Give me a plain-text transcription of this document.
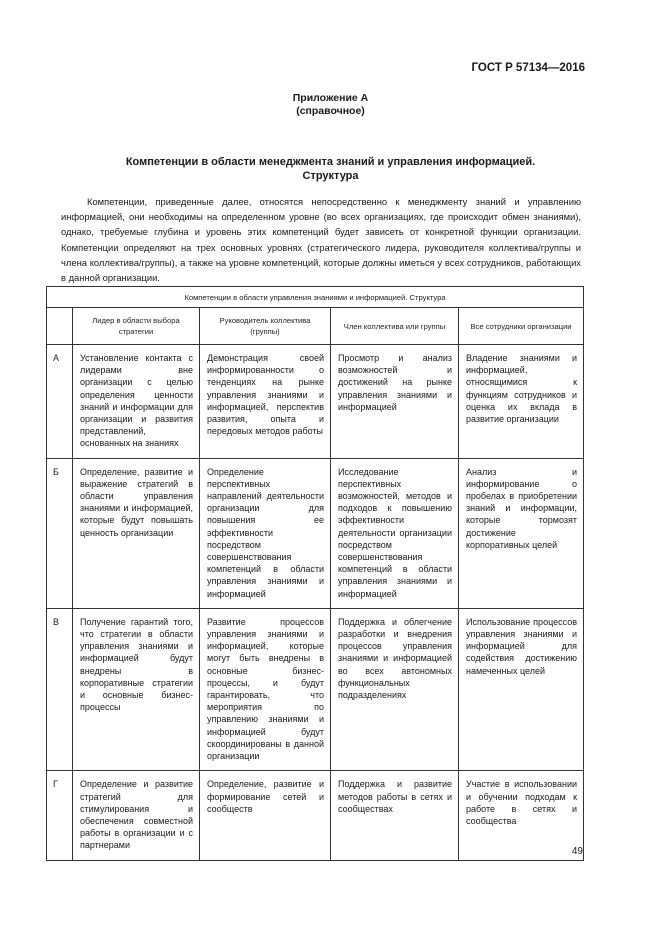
ГОСТ Р 57134—2016
Приложение А
(справочное)
Компетенции в области менеджмента знаний и управления информацией.
Структура

Компетенции, приведенные далее, относятся непосредственно к менеджменту знаний и управлению информацией, они необходимы на определенном уровне (во всех организациях, где происходит обмен знаниями), однако, требуемые глубина и уровень этих компетенций будет зависеть от конкретной функции организации. Компетенции определяют на трех основных уровнях (стратегического лидера, руководителя коллектива/группы и члена коллектива/группы), а также на уровне компетенций, которые должны иметься у всех сотрудников, работающих в данной организации.

Компетенции в области управления знаниями и информацией. Структура				
	Лидер в области выбора стратегии	Руководитель коллектива (группы)	Член коллектива или группы	Все сотрудники организации
А	Установление контакта с лидерами вне организации с целью определения ценности знаний и информации для организации и развития представлений, основанных на знаниях	Демонстрация своей информированности о тенденциях на рынке управления знаниями и информацией, перспектив развития, опыта и передовых методов работы	Просмотр и анализ возможностей и достижений на рынке управления знаниями и информацией	Владение знаниями и информацией, относящимися к функциям сотрудников и оценка их вклада в развитие организации
Б	Определение, развитие и выражение стратегий в области управления знаниями и информацией, которые будут повышать ценность организации	Определение перспективных направлений деятельности организации для повышения ее эффективности посредством совершенствования компетенций в области управления знаниями и информацией	Исследование перспективных возможностей, методов и подходов к повышению эффективности деятельности организации посредством совершенствования компетенций в области управления знаниями и информацией	Анализ и информирование о пробелах в приобретении знаний и информации, которые тормозят достижение корпоративных целей
В	Получение гарантий того, что стратегии в области управления знаниями и информацией будут внедрены в корпоративные стратегии и основные бизнес-процессы	Развитие процессов управления знаниями и информацией, которые могут быть внедрены в основные бизнес-процессы, и будут гарантировать, что мероприятия по управлению знаниями и информацией будут скоординированы в данной организации	Поддержка и облегчение разработки и внедрения процессов управления знаниями и информацией во всех автономных функциональных подразделениях	Использование процессов управления знаниями и информацией для содействия достижению намеченных целей
Г	Определение и развитие стратегий для стимулирования и обеспечения совместной работы в организации и с партнерами	Определение, развитие и формирование сетей и сообществ	Поддержка и развитие методов работы в сетях и сообществах	Участие в использовании и обучении подходам к работе в сетях и сообщества
49
